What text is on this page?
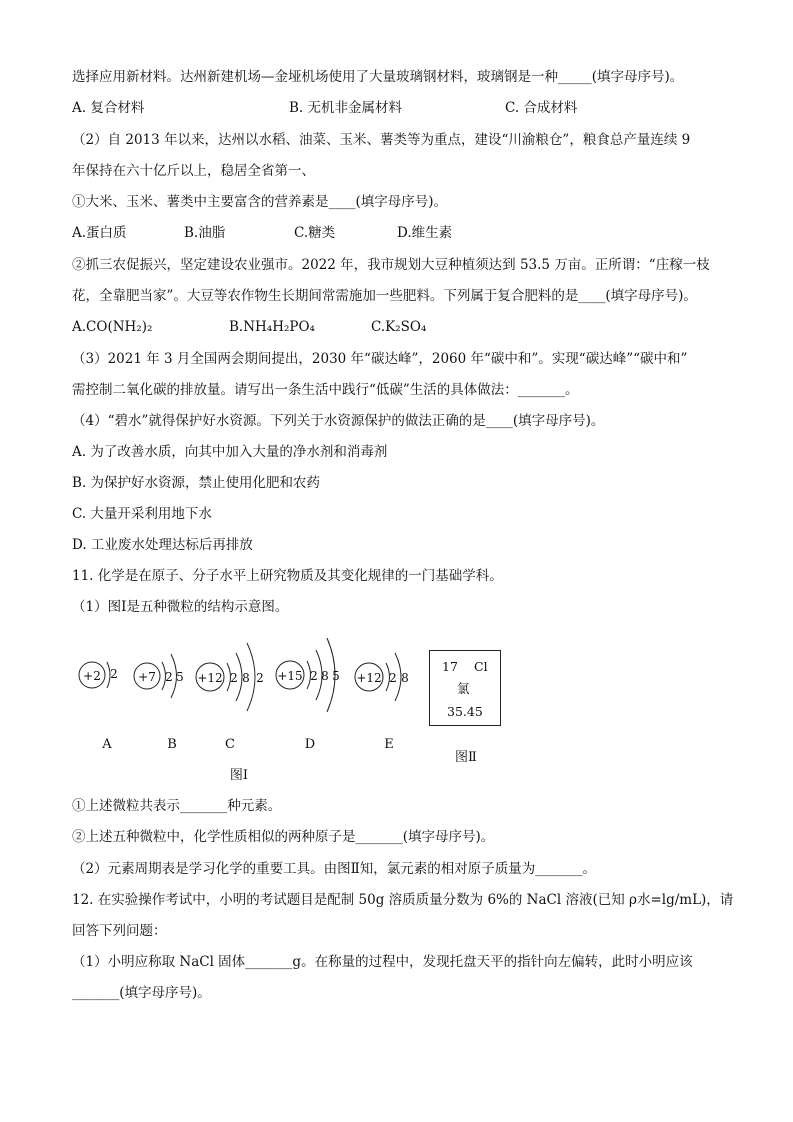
选择应用新材料。达州新建机场—金垭机场使用了大量玻璃钢材料，玻璃钢是一种_____(填字母序号)。
A. 复合材料	B. 无机非金属材料	C. 合成材料
（2）自 2013 年以来，达州以水稻、油菜、玉米、薯类等为重点，建设“川渝粮仓”，粮食总产量连续 9
年保持在六十亿斤以上，稳居全省第一、
①大米、玉米、薯类中主要富含的营养素是____(填字母序号)。
A.蛋白质	B.油脂	C.糖类	D.维生素
②抓三农促振兴，坚定建设农业强市。2022 年，我市规划大豆种植须达到 53.5 万亩。正所谓：“庄稼一枝
花，全靠肥当家”。大豆等农作物生长期间常需施加一些肥料。下列属于复合肥料的是____(填字母序号)。
A.CO(NH₂)₂	B.NH₄H₂PO₄	C.K₂SO₄
（3）2021 年 3 月全国两会期间提出，2030 年“碳达峰”，2060 年“碳中和”。实现“碳达峰”“碳中和”
需控制二氧化碳的排放量。请写出一条生活中践行“低碳”生活的具体做法：_______。
（4）“碧水”就得保护好水资源。下列关于水资源保护的做法正确的是____(填字母序号)。
A. 为了改善水质，向其中加入大量的净水剂和消毒剂
B. 为保护好水资源，禁止使用化肥和农药
C. 大量开采利用地下水
D. 工业废水处理达标后再排放
11. 化学是在原子、分子水平上研究物质及其变化规律的一门基础学科。
（1）图Ⅰ是五种微粒的结构示意图。
+2 2 +7 2 5 +12 2 8 2 +15 2 8 5 +12 2 8
A	B	C	D	E
图Ⅰ
17 Cl
氯
35.45
图Ⅱ
①上述微粒共表示_______种元素。
②上述五种微粒中，化学性质相似的两种原子是_______(填字母序号)。
（2）元素周期表是学习化学的重要工具。由图Ⅱ知，氯元素的相对原子质量为_______。
12. 在实验操作考试中，小明的考试题目是配制 50g 溶质质量分数为 6%的 NaCl 溶液(已知 ρ水=lg/mL)，请
回答下列问题：
（1）小明应称取 NaCl 固体_______g。在称量的过程中，发现托盘天平的指针向左偏转，此时小明应该
_______(填字母序号)。
